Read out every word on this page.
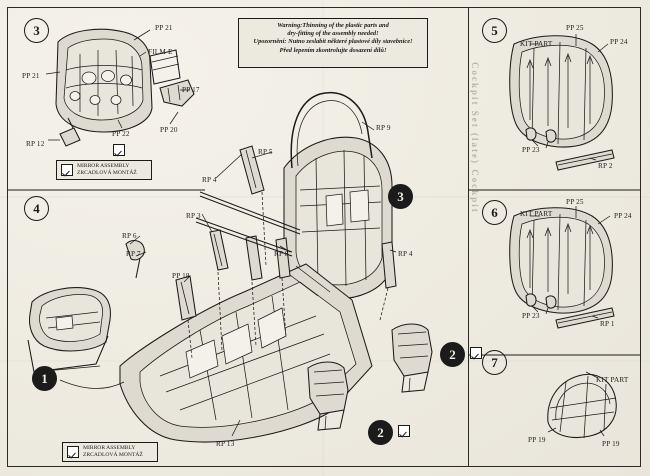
Cockpit Set (late) Cockpit
3
4
5
6
7
1
3
2
2
Warning:Thinning of the plastic parts and
dry-fitting of the assembly needed!
Upozornění: Nutno zeslabit některé plastové díly stavebnice!
Před lepením zkontrolujte dosazení dílů!
MIRROR ASSEMBLY
ZRCADLOVÁ MONTÁŽ
MIRROR ASSEMBLY
ZRCADLOVÁ MONTÁŽ
PP 21
PP 21
FILM E
PP 17
PP 20
PP 22
RP 12
RP 6
RP 7
PP 18
RP 3
RP 4
RP 5
RP 8	RP 4
RP 9
RP 13
KIT PART
PP 25
PP 24
PP 23
RP 2
KIT PART
PP 25
PP 24
PP 23
RP 1
KIT PART
PP 19	PP 19
